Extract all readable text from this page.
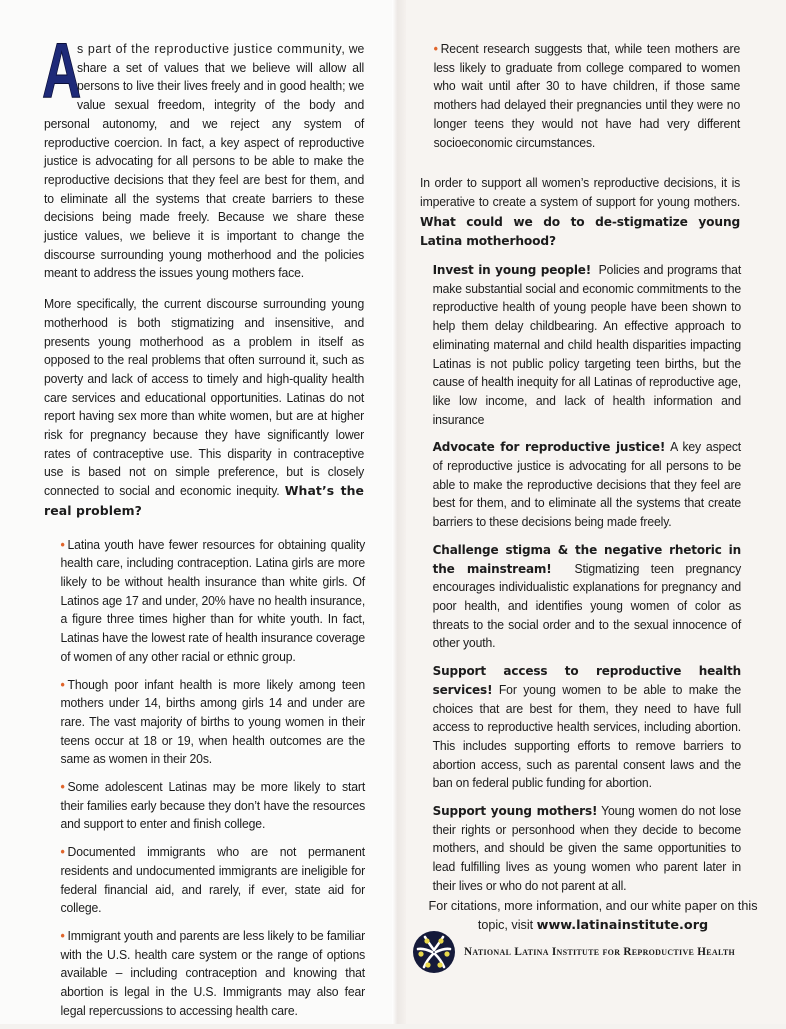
A

s part of the reproductive justice community, we share a set of values that we believe will allow all persons to live their lives freely and in good health; we value sexual freedom, integrity of the body and personal autonomy, and we reject any system of reproductive coercion. In fact, a key aspect of reproductive justice is advocating for all persons to be able to make the reproductive decisions that they feel are best for them, and to eliminate all the systems that create barriers to these decisions being made freely. Because we share these justice values, we believe it is important to change the discourse surrounding young motherhood and the policies meant to address the issues young mothers face.

More specifically, the current discourse surrounding young motherhood is both stigmatizing and insensitive, and presents young motherhood as a problem in itself as opposed to the real problems that often surround it, such as poverty and lack of access to timely and high-quality health care services and educational opportunities. Latinas do not report having sex more than white women, but are at higher risk for pregnancy because they have significantly lower rates of contraceptive use. This disparity in contraceptive use is based not on simple preference, but is closely connected to social and economic inequity. What’s the real problem?

• Latina youth have fewer resources for obtaining quality health care, including contraception. Latina girls are more likely to be without health insurance than white girls. Of Latinos age 17 and under, 20% have no health insurance, a figure three times higher than for white youth. In fact, Latinas have the lowest rate of health insurance coverage of women of any other racial or ethnic group.

• Though poor infant health is more likely among teen mothers under 14, births among girls 14 and under are rare. The vast majority of births to young women in their teens occur at 18 or 19, when health outcomes are the same as women in their 20s.

• Some adolescent Latinas may be more likely to start their families early because they don’t have the resources and support to enter and finish college.

• Documented immigrants who are not permanent residents and undocumented immigrants are ineligible for federal financial aid, and rarely, if ever, state aid for college.

• Immigrant youth and parents are less likely to be familiar with the U.S. health care system or the range of options available – including contraception and knowing that abortion is legal in the U.S. Immigrants may also fear legal repercussions to accessing health care.

• Recent research suggests that, while teen mothers are less likely to graduate from college compared to women who wait until after 30 to have children, if those same mothers had delayed their pregnancies until they were no longer teens they would not have had very different socioeconomic circumstances.

In order to support all women’s reproductive decisions, it is imperative to create a system of support for young mothers. What could we do to de-stigmatize young Latina motherhood?

Invest in young people! Policies and programs that make substantial social and economic commitments to the reproductive health of young people have been shown to help them delay childbearing. An effective approach to eliminating maternal and child health disparities impacting Latinas is not public policy targeting teen births, but the cause of health inequity for all Latinas of reproductive age, like low income, and lack of health information and insurance

Advocate for reproductive justice! A key aspect of reproductive justice is advocating for all persons to be able to make the reproductive decisions that they feel are best for them, and to eliminate all the systems that create barriers to these decisions being made freely.

Challenge stigma & the negative rhetoric in the mainstream! Stigmatizing teen pregnancy encourages individualistic explanations for pregnancy and poor health, and identifies young women of color as threats to the social order and to the sexual innocence of other youth.

Support access to reproductive health services! For young women to be able to make the choices that are best for them, they need to have full access to reproductive health services, including abortion. This includes supporting efforts to remove barriers to abortion access, such as parental consent laws and the ban on federal public funding for abortion.

Support young mothers! Young women do not lose their rights or personhood when they decide to become mothers, and should be given the same opportunities to lead fulfilling lives as young women who parent later in their lives or who do not parent at all.

For citations, more information, and our white paper on this
topic, visit www.latinainstitute.org
National Latina Institute for Reproductive Health
